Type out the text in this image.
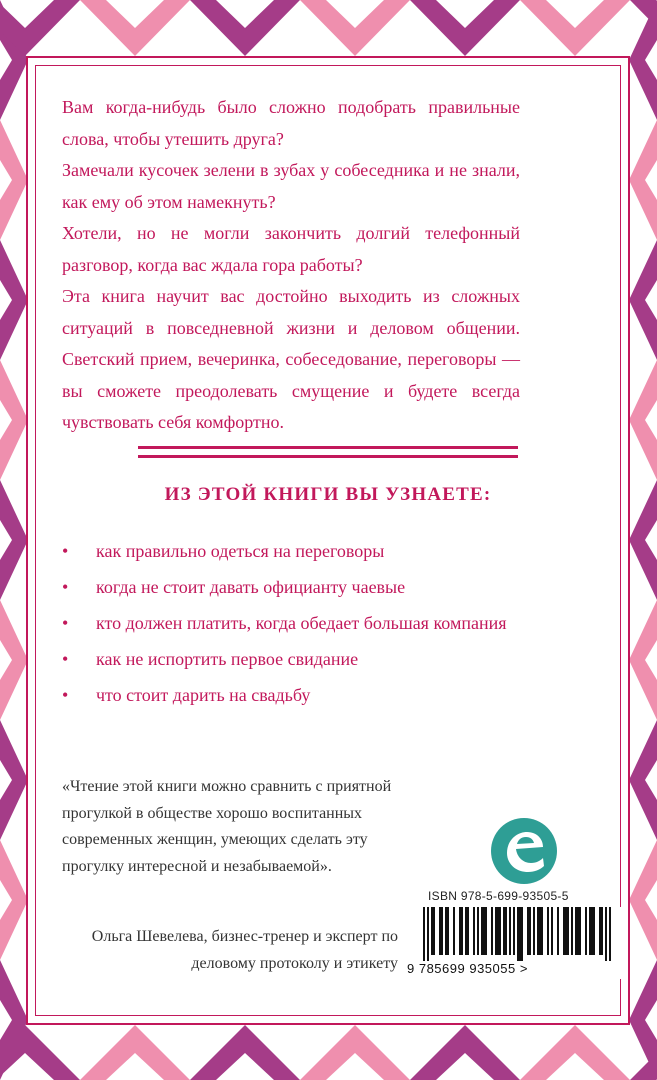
Вам когда-нибудь было сложно подобрать правильные слова, чтобы утешить друга?

Замечали кусочек зелени в зубах у собеседника и не знали, как ему об этом намекнуть?

Хотели, но не могли закончить долгий телефонный разговор, когда вас ждала гора работы?

Эта книга научит вас достойно выходить из сложных ситуаций в повседневной жизни и деловом общении. Светский прием, вечеринка, собеседование, переговоры — вы сможете преодолевать смущение и будете всегда чувствовать себя комфортно.

ИЗ ЭТОЙ КНИГИ ВЫ УЗНАЕТЕ:
• как правильно одеться на переговоры
• когда не стоит давать официанту чаевые
• кто должен платить, когда обедает большая компания
• как не испортить первое свидание
• что стоит дарить на свадьбу
«Чтение этой книги можно сравнить с приятной прогулкой в обществе хорошо воспитанных современных женщин, умеющих сделать эту прогулку интересной и незабываемой».
Ольга Шевелева, бизнес-тренер и эксперт по деловому протоколу и этикету
ISBN 978-5-699-93505-5
9 785699 935055 >
